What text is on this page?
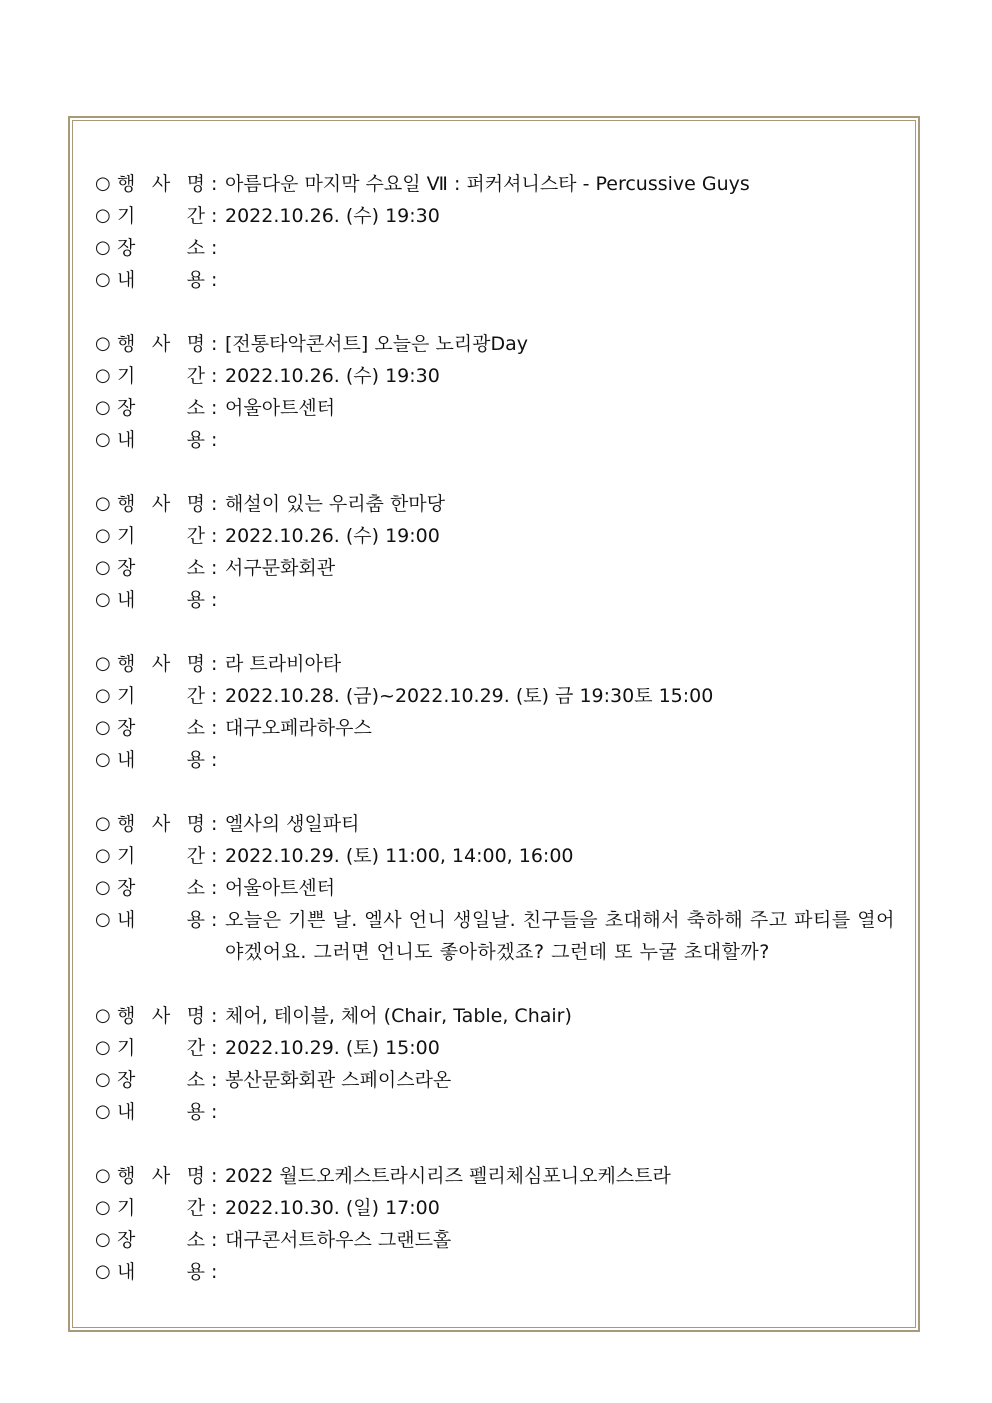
○ 행 사 명 : 아름다운 마지막 수요일 Ⅶ : 퍼커셔니스타 - Percussive Guys
○ 기	간 : 2022.10.26. (수) 19:30
○ 장	소 :
○ 내	용 :
○ 행 사 명 : [전통타악콘서트] 오늘은 노리광Day
○ 기	간 : 2022.10.26. (수) 19:30
○ 장	소 : 어울아트센터
○ 내	용 :
○ 행 사 명 : 해설이 있는 우리춤 한마당
○ 기	간 : 2022.10.26. (수) 19:00
○ 장	소 : 서구문화회관
○ 내	용 :
○ 행 사 명 : 라 트라비아타
○ 기	간 : 2022.10.28. (금)~2022.10.29. (토) 금 19:30토 15:00
○ 장	소 : 대구오페라하우스
○ 내	용 :
○ 행 사 명 : 엘사의 생일파티
○ 기	간 : 2022.10.29. (토) 11:00, 14:00, 16:00
○ 장	소 : 어울아트센터
○ 내	용 : 오늘은 기쁜 날. 엘사 언니 생일날. 친구들을 초대해서 축하해 주고 파티를 열어야겠어요. 그러면 언니도 좋아하겠죠? 그런데 또 누굴 초대할까?
○ 행 사 명 : 체어, 테이블, 체어 (Chair, Table, Chair)
○ 기	간 : 2022.10.29. (토) 15:00
○ 장	소 : 봉산문화회관 스페이스라온
○ 내	용 :
○ 행 사 명 : 2022 월드오케스트라시리즈 펠리체심포니오케스트라
○ 기	간 : 2022.10.30. (일) 17:00
○ 장	소 : 대구콘서트하우스 그랜드홀
○ 내	용 :
